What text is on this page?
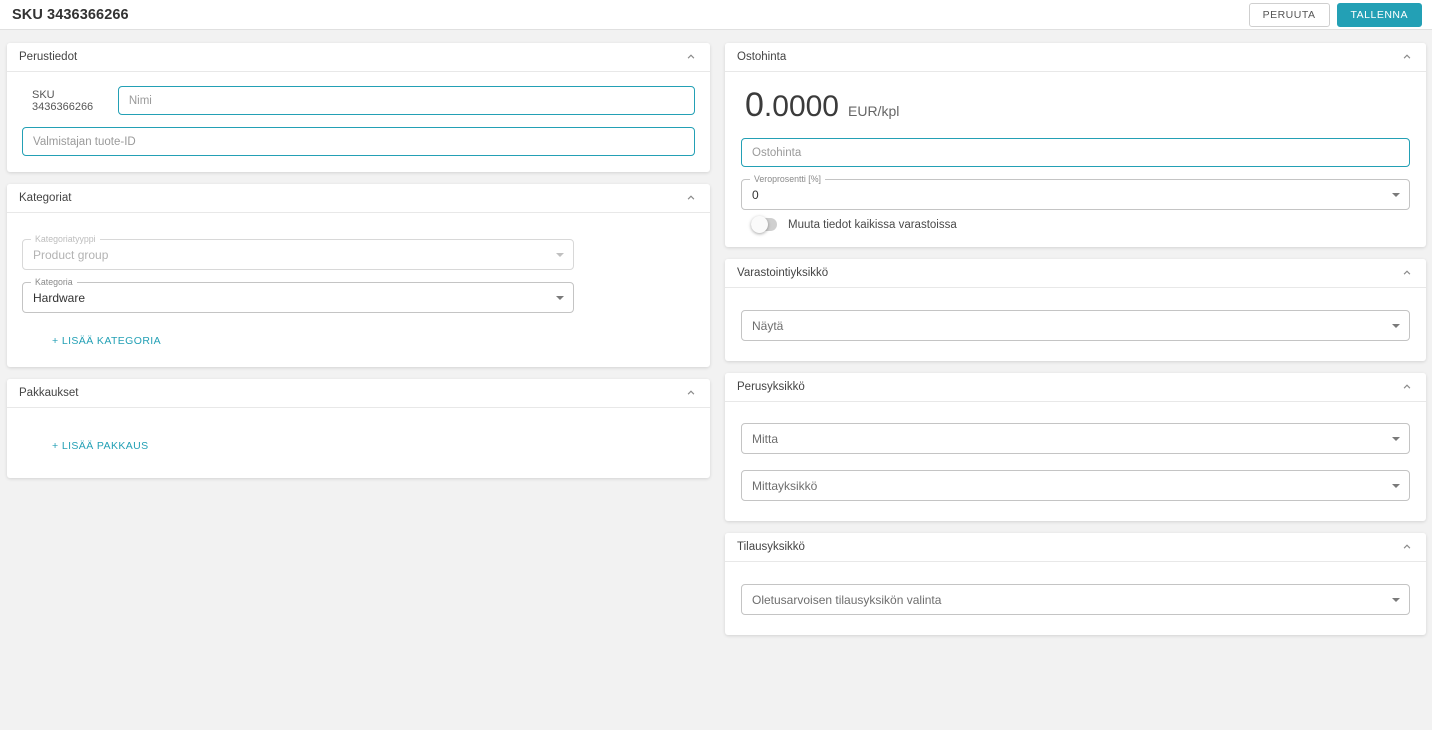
SKU 3436366266	PERUUTA	TALLENNA
Perustiedot
SKU 3436366266	Nimi
Valmistajan tuote-ID
Kategoriat
Kategoriatyyppi
Product group
Kategoria
Hardware
+ LISÄÄ KATEGORIA
Pakkaukset
+ LISÄÄ PAKKAUS
Ostohinta
0 .0000 EUR/kpl
Ostohinta
Veroprosentti [%]
0
Muuta tiedot kaikissa varastoissa
Varastointiyksikkö
Näytä
Perusyksikkö
Mitta
Mittayksikkö
Tilausyksikkö
Oletusarvoisen tilausyksikön valinta
